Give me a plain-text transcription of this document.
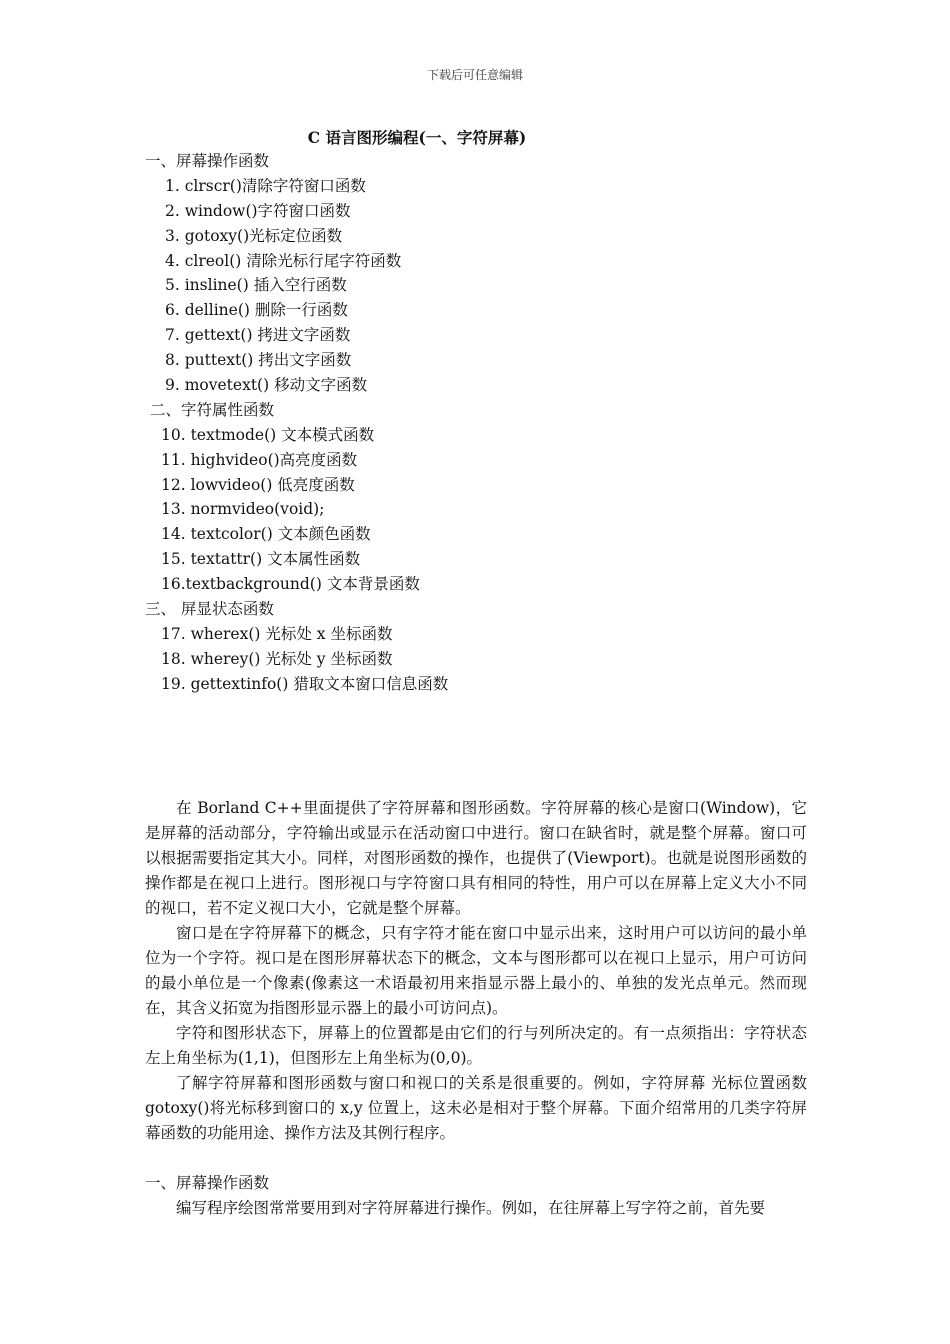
下载后可任意编辑
C 语言图形编程(一、字符屏幕)
一、屏幕操作函数
1. clrscr()清除字符窗口函数
2. window()字符窗口函数
3. gotoxy()光标定位函数
4. clreol() 清除光标行尾字符函数
5. insline() 插入空行函数
6. delline() 删除一行函数
7. gettext() 拷进文字函数
8. puttext() 拷出文字函数
9. movetext() 移动文字函数
二、字符属性函数
10. textmode() 文本模式函数
11. highvideo()高亮度函数
12. lowvideo() 低亮度函数
13. normvideo(void);
14. textcolor() 文本颜色函数
15. textattr() 文本属性函数
16.textbackground() 文本背景函数
三、 屏显状态函数
17. wherex() 光标处 x 坐标函数
18. wherey() 光标处 y 坐标函数
19. gettextinfo() 猎取文本窗口信息函数

在 Borland C++里面提供了字符屏幕和图形函数。字符屏幕的核心是窗口(Window)，它是屏幕的活动部分，字符输出或显示在活动窗口中进行。窗口在缺省时，就是整个屏幕。窗口可以根据需要指定其大小。同样，对图形函数的操作，也提供了(Viewport)。也就是说图形函数的操作都是在视口上进行。图形视口与字符窗口具有相同的特性，用户可以在屏幕上定义大小不同的视口，若不定义视口大小，它就是整个屏幕。

窗口是在字符屏幕下的概念，只有字符才能在窗口中显示出来，这时用户可以访问的最小单位为一个字符。视口是在图形屏幕状态下的概念，文本与图形都可以在视口上显示，用户可访问的最小单位是一个像素(像素这一术语最初用来指显示器上最小的、单独的发光点单元。然而现在，其含义拓宽为指图形显示器上的最小可访问点)。

字符和图形状态下，屏幕上的位置都是由它们的行与列所决定的。有一点须指出：字符状态左上角坐标为(1,1)，但图形左上角坐标为(0,0)。

了解字符屏幕和图形函数与窗口和视口的关系是很重要的。例如，字符屏幕 光标位置函数 gotoxy()将光标移到窗口的 x,y 位置上，这未必是相对于整个屏幕。下面介绍常用的几类字符屏幕函数的功能用途、操作方法及其例行程序。

一、屏幕操作函数

编写程序绘图常常要用到对字符屏幕进行操作。例如，在往屏幕上写字符之前，首先要
